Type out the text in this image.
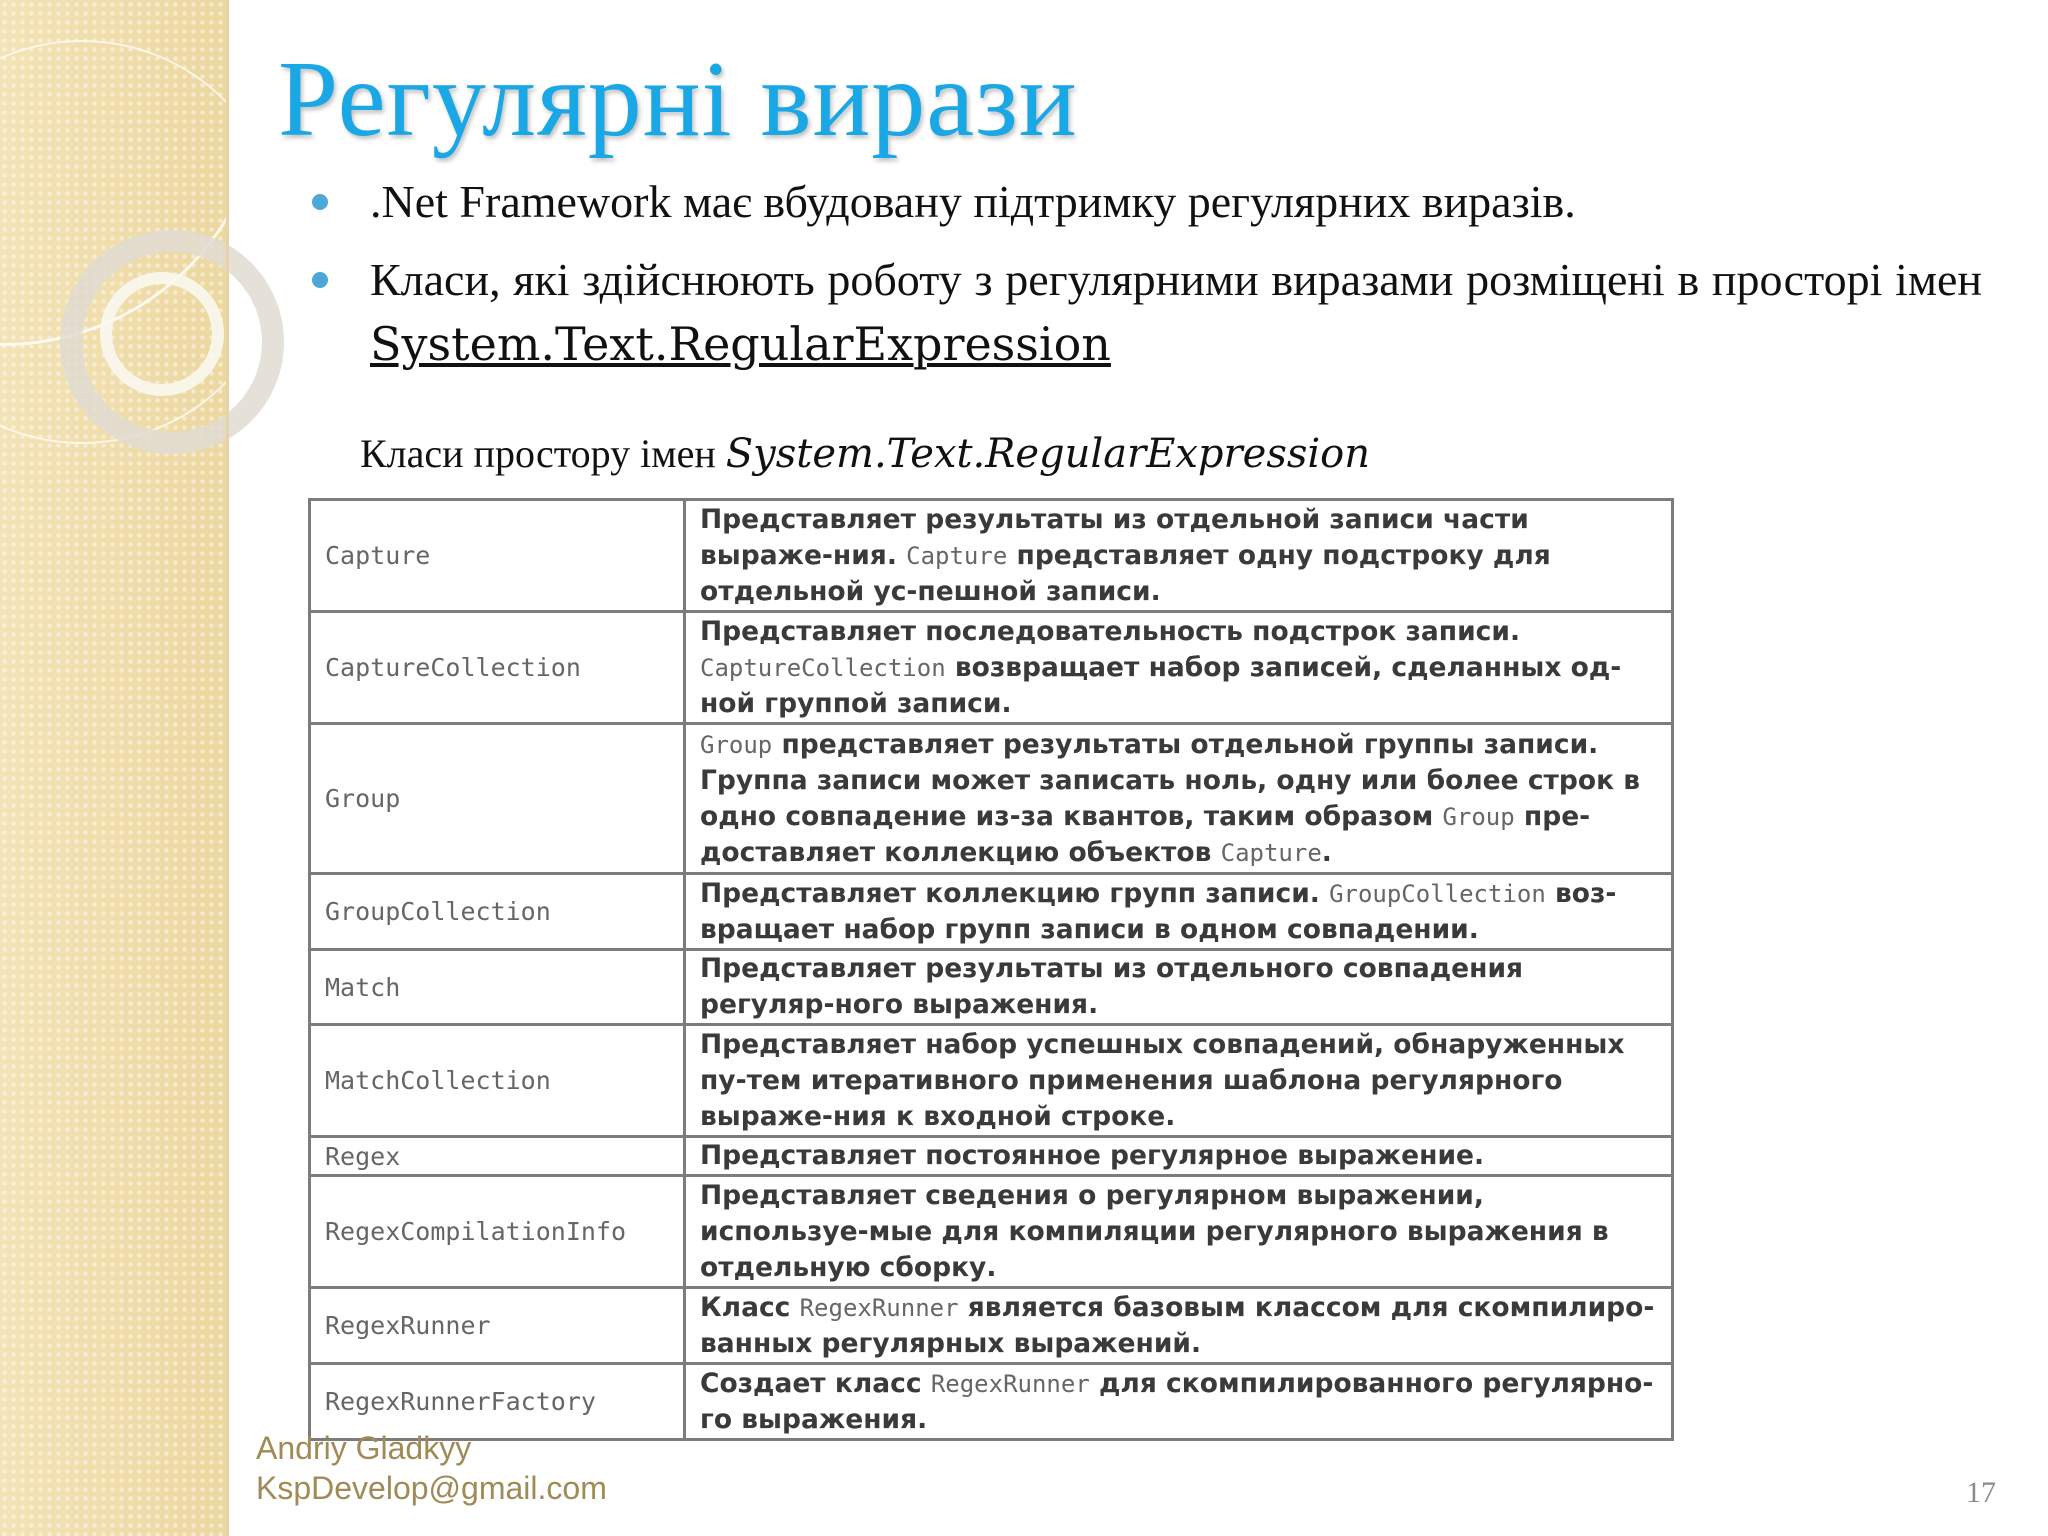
Регулярні вирази
.Net Framework має вбудовану підтримку регулярних виразів.
Класи, які здійснюють роботу з регулярними виразами розміщені в просторі імен System.Text.RegularExpression
Класи простору імен System.Text.RegularExpression
Capture	Представляет результаты из отдельной записи части выраже-ния. Capture представляет одну подстроку для отдельной ус-пешной записи.
CaptureCollection	Представляет последовательность подстрок записи. CaptureCollection возвращает набор записей, сделанных од-ной группой записи.
Group	Group представляет результаты отдельной группы записи. Группа записи может записать ноль, одну или более строк в одно совпадение из-за квантов, таким образом Group пре-доставляет коллекцию объектов Capture.
GroupCollection	Представляет коллекцию групп записи. GroupCollection воз-вращает набор групп записи в одном совпадении.
Match	Представляет результаты из отдельного совпадения регуляр-ного выражения.
MatchCollection	Представляет набор успешных совпадений, обнаруженных пу-тем итеративного применения шаблона регулярного выраже-ния к входной строке.
Regex	Представляет постоянное регулярное выражение.
RegexCompilationInfo	Представляет сведения о регулярном выражении, используе-мые для компиляции регулярного выражения в отдельную сборку.
RegexRunner	Класс RegexRunner является базовым классом для скомпилиро-ванных регулярных выражений.
RegexRunnerFactory	Создает класс RegexRunner для скомпилированного регулярно-го выражения.
Andriy Gladkyy
KspDevelop@gmail.com	17
